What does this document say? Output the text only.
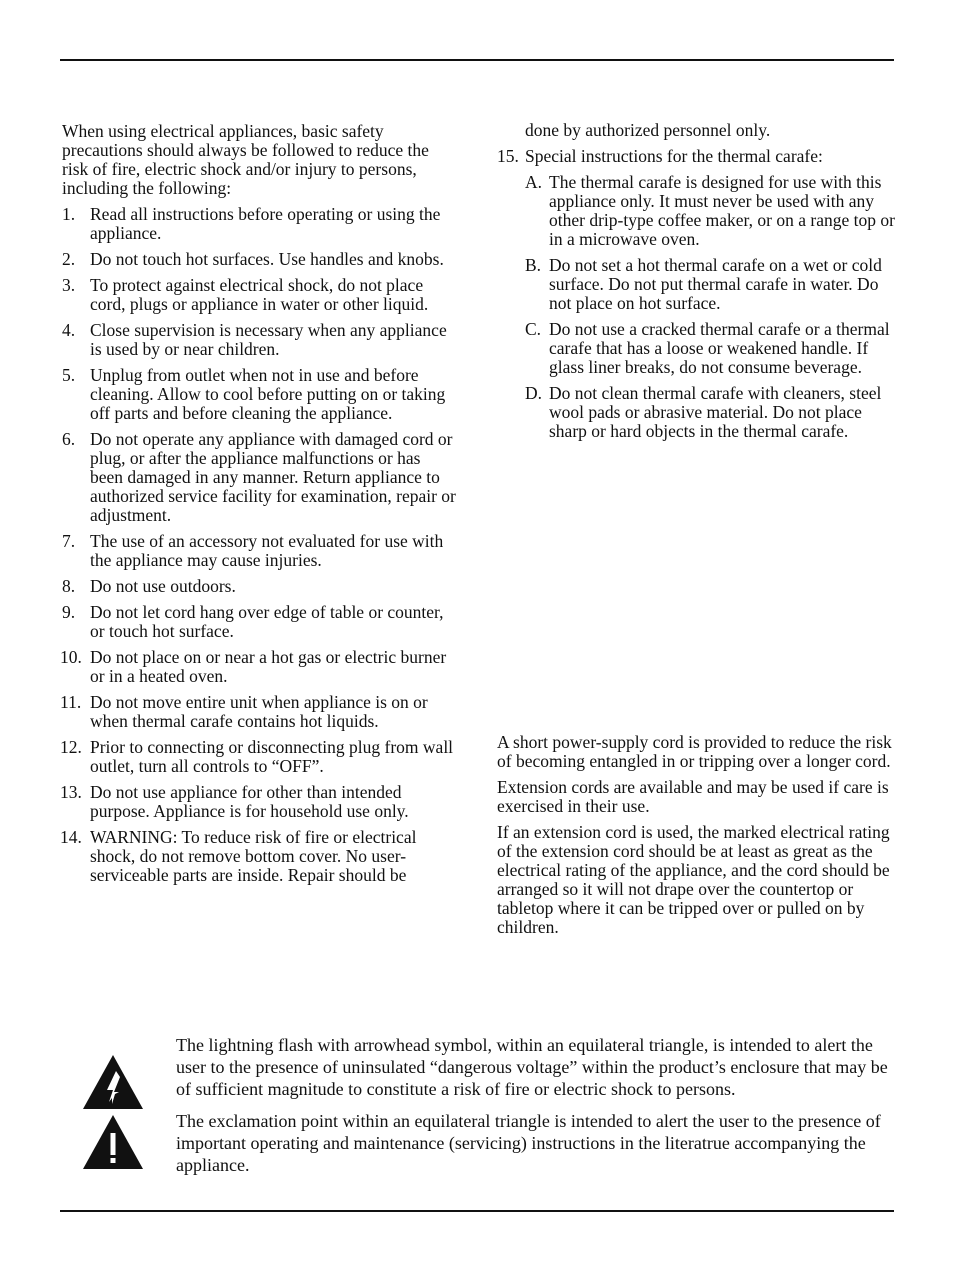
When using electrical appliances, basic safety precautions should always be followed to reduce the risk of fire, electric shock and/or injury to persons, including the following:

1. Read all instructions before operating or using the appliance.
2. Do not touch hot surfaces. Use handles and knobs.
3. To protect against electrical shock, do not place cord, plugs or appliance in water or other liquid.
4. Close supervision is necessary when any appliance is used by or near children.
5. Unplug from outlet when not in use and before cleaning. Allow to cool before putting on or taking off parts and before cleaning the appliance.
6. Do not operate any appliance with damaged cord or plug, or after the appliance malfunctions or has been damaged in any manner. Return appliance to authorized service facility for examination, repair or adjustment.
7. The use of an accessory not evaluated for use with the appliance may cause injuries.
8. Do not use outdoors.
9. Do not let cord hang over edge of table or counter, or touch hot surface.
10. Do not place on or near a hot gas or electric burner or in a heated oven.
11. Do not move entire unit when appliance is on or when thermal carafe contains hot liquids.
12. Prior to connecting or disconnecting plug from wall outlet, turn all controls to “OFF”.
13. Do not use appliance for other than intended purpose. Appliance is for household use only.
14. WARNING: To reduce risk of fire or electrical shock, do not remove bottom cover. No user-serviceable parts are inside. Repair should be

done by authorized personnel only.

15. Special instructions for the thermal carafe:
A. The thermal carafe is designed for use with this appliance only. It must never be used with any other drip-type coffee maker, or on a range top or in a microwave oven.
B. Do not set a hot thermal carafe on a wet or cold surface. Do not put thermal carafe in water. Do not place on hot surface.
C. Do not use a cracked thermal carafe or a thermal carafe that has a loose or weakened handle. If glass liner breaks, do not consume beverage.
D. Do not clean thermal carafe with cleaners, steel wool pads or abrasive material. Do not place sharp or hard objects in the thermal carafe.

A short power-supply cord is provided to reduce the risk of becoming entangled in or tripping over a longer cord.

Extension cords are available and may be used if care is exercised in their use.

If an extension cord is used, the marked electrical rating of the extension cord should be at least as great as the electrical rating of the appliance, and the cord should be arranged so it will not drape over the countertop or tabletop where it can be tripped over or pulled on by children.

The lightning flash with arrowhead symbol, within an equilateral triangle, is intended to alert the user to the presence of uninsulated “dangerous voltage” within the product’s enclosure that may be of sufficient magnitude to constitute a risk of fire or electric shock to persons.
The exclamation point within an equilateral triangle is intended to alert the user to the presence of important operating and maintenance (servicing) instructions in the literatrue accompanying the appliance.
